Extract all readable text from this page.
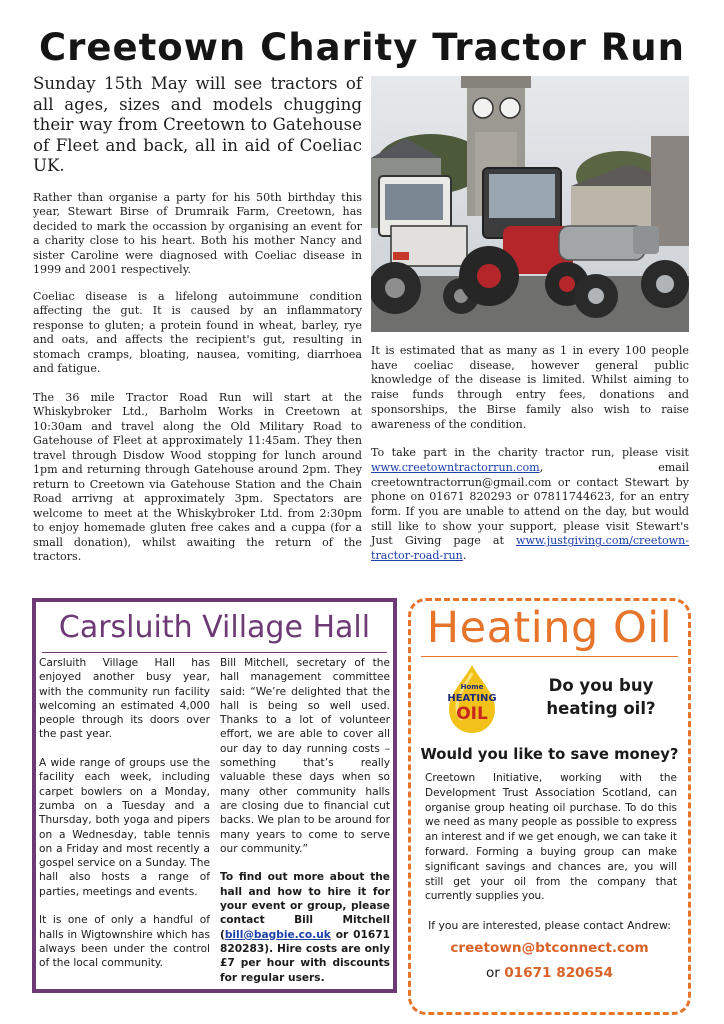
Creetown Charity Tractor Run

Sunday 15th May will see tractors of all ages, sizes and models chugging their way from Creetown to Gatehouse of Fleet and back, all in aid of Coeliac UK.

Rather than organise a party for his 50th birthday this year, Stewart Birse of Drumraik Farm, Creetown, has decided to mark the occassion by organising an event for a charity close to his heart. Both his mother Nancy and sister Caroline were diagnosed with Coeliac disease in 1999 and 2001 respectively.

Coeliac disease is a lifelong autoimmune condition affecting the gut. It is caused by an inflammatory response to gluten; a protein found in wheat, barley, rye and oats, and affects the recipient's gut, resulting in stomach cramps, bloating, nausea, vomiting, diarrhoea and fatigue.

The 36 mile Tractor Road Run will start at the Whiskybroker Ltd., Barholm Works in Creetown at 10:30am and travel along the Old Military Road to Gatehouse of Fleet at approximately 11:45am. They then travel through Disdow Wood stopping for lunch around 1pm and returning through Gatehouse around 2pm. They return to Creetown via Gatehouse Station and the Chain Road arrivng at approximately 3pm. Spectators are welcome to meet at the Whiskybroker Ltd. from 2:30pm to enjoy homemade gluten free cakes and a cuppa (for a small donation), whilst awaiting the return of the tractors.

It is estimated that as many as 1 in every 100 people have coeliac disease, however general public knowledge of the disease is limited. Whilst aiming to raise funds through entry fees, donations and sponsorships, the Birse family also wish to raise awareness of the condition.

To take part in the charity tractor run, please visit www.creetowntractorrun.com, email creetowntractorrun@gmail.com or contact Stewart by phone on 01671 820293 or 07811744623, for an entry form. If you are unable to attend on the day, but would still like to show your support, please visit Stewart's Just Giving page at www.justgiving.com/creetown-tractor-road-run.

Carsluith Village Hall

Carsluith Village Hall has enjoyed another busy year, with the community run facility welcoming an estimated 4,000 people through its doors over the past year.

A wide range of groups use the facility each week, including carpet bowlers on a Monday, zumba on a Tuesday and a Thursday, both yoga and pipers on a Wednesday, table tennis on a Friday and most recently a gospel service on a Sunday. The hall also hosts a range of parties, meetings and events.

It is one of only a handful of halls in Wigtownshire which has always been under the control of the local community.

Bill Mitchell, secretary of the hall management committee said: “We’re delighted that the hall is being so well used. Thanks to a lot of volunteer effort, we are able to cover all our day to day running costs – something that’s really valuable these days when so many other community halls are closing due to financial cut backs. We plan to be around for many years to come to serve our community.”

To find out more about the hall and how to hire it for your event or group, please contact Bill Mitchell (bill@bagbie.co.uk or 01671 820283). Hire costs are only £7 per hour with discounts for regular users.

Heating Oil
Home
HEATING
OIL
Do you buy heating oil?
Would you like to save money?
Creetown Initiative, working with the Development Trust Association Scotland, can organise group heating oil purchase. To do this we need as many people as possible to express an interest and if we get enough, we can take it forward. Forming a buying group can make significant savings and chances are, you will still get your oil from the company that currently supplies you.
If you are interested, please contact Andrew:
creetown@btconnect.com
or 01671 820654
